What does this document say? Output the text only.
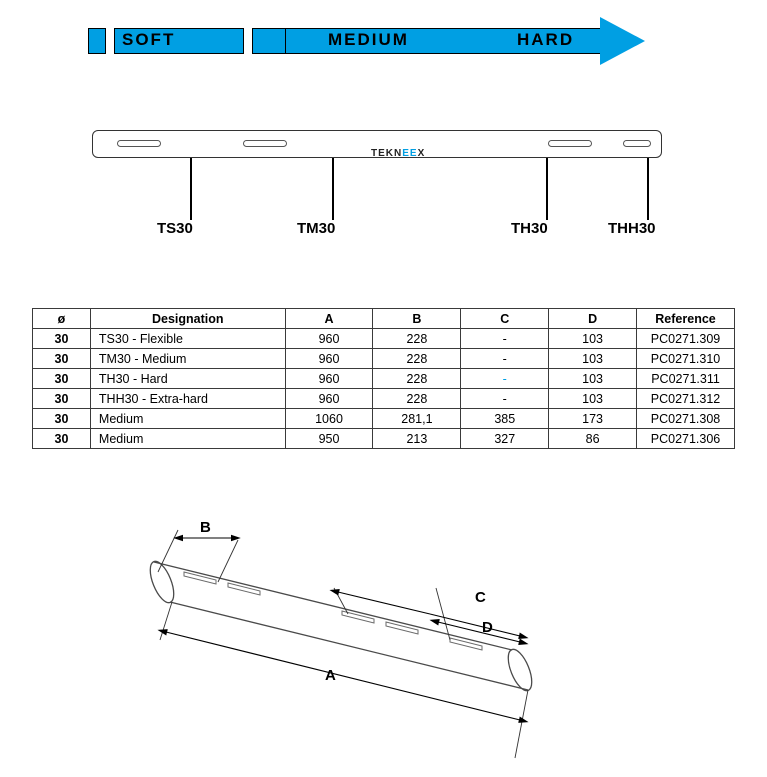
SOFT	MEDIUM	HARD
TEKNEEX
TS30	TM30	TH30	THH30
ø	Designation	A	B	C	D	Reference
30	TS30 - Flexible	960	228	-	103	PC0271.309
30	TM30 - Medium	960	228	-	103	PC0271.310
30	TH30 - Hard	960	228	-	103	PC0271.311
30	THH30 - Extra-hard	960	228	-	103	PC0271.312
30	Medium	1060	281,1	385	173	PC0271.308
30	Medium	950	213	327	86	PC0271.306
B
A
C
D
